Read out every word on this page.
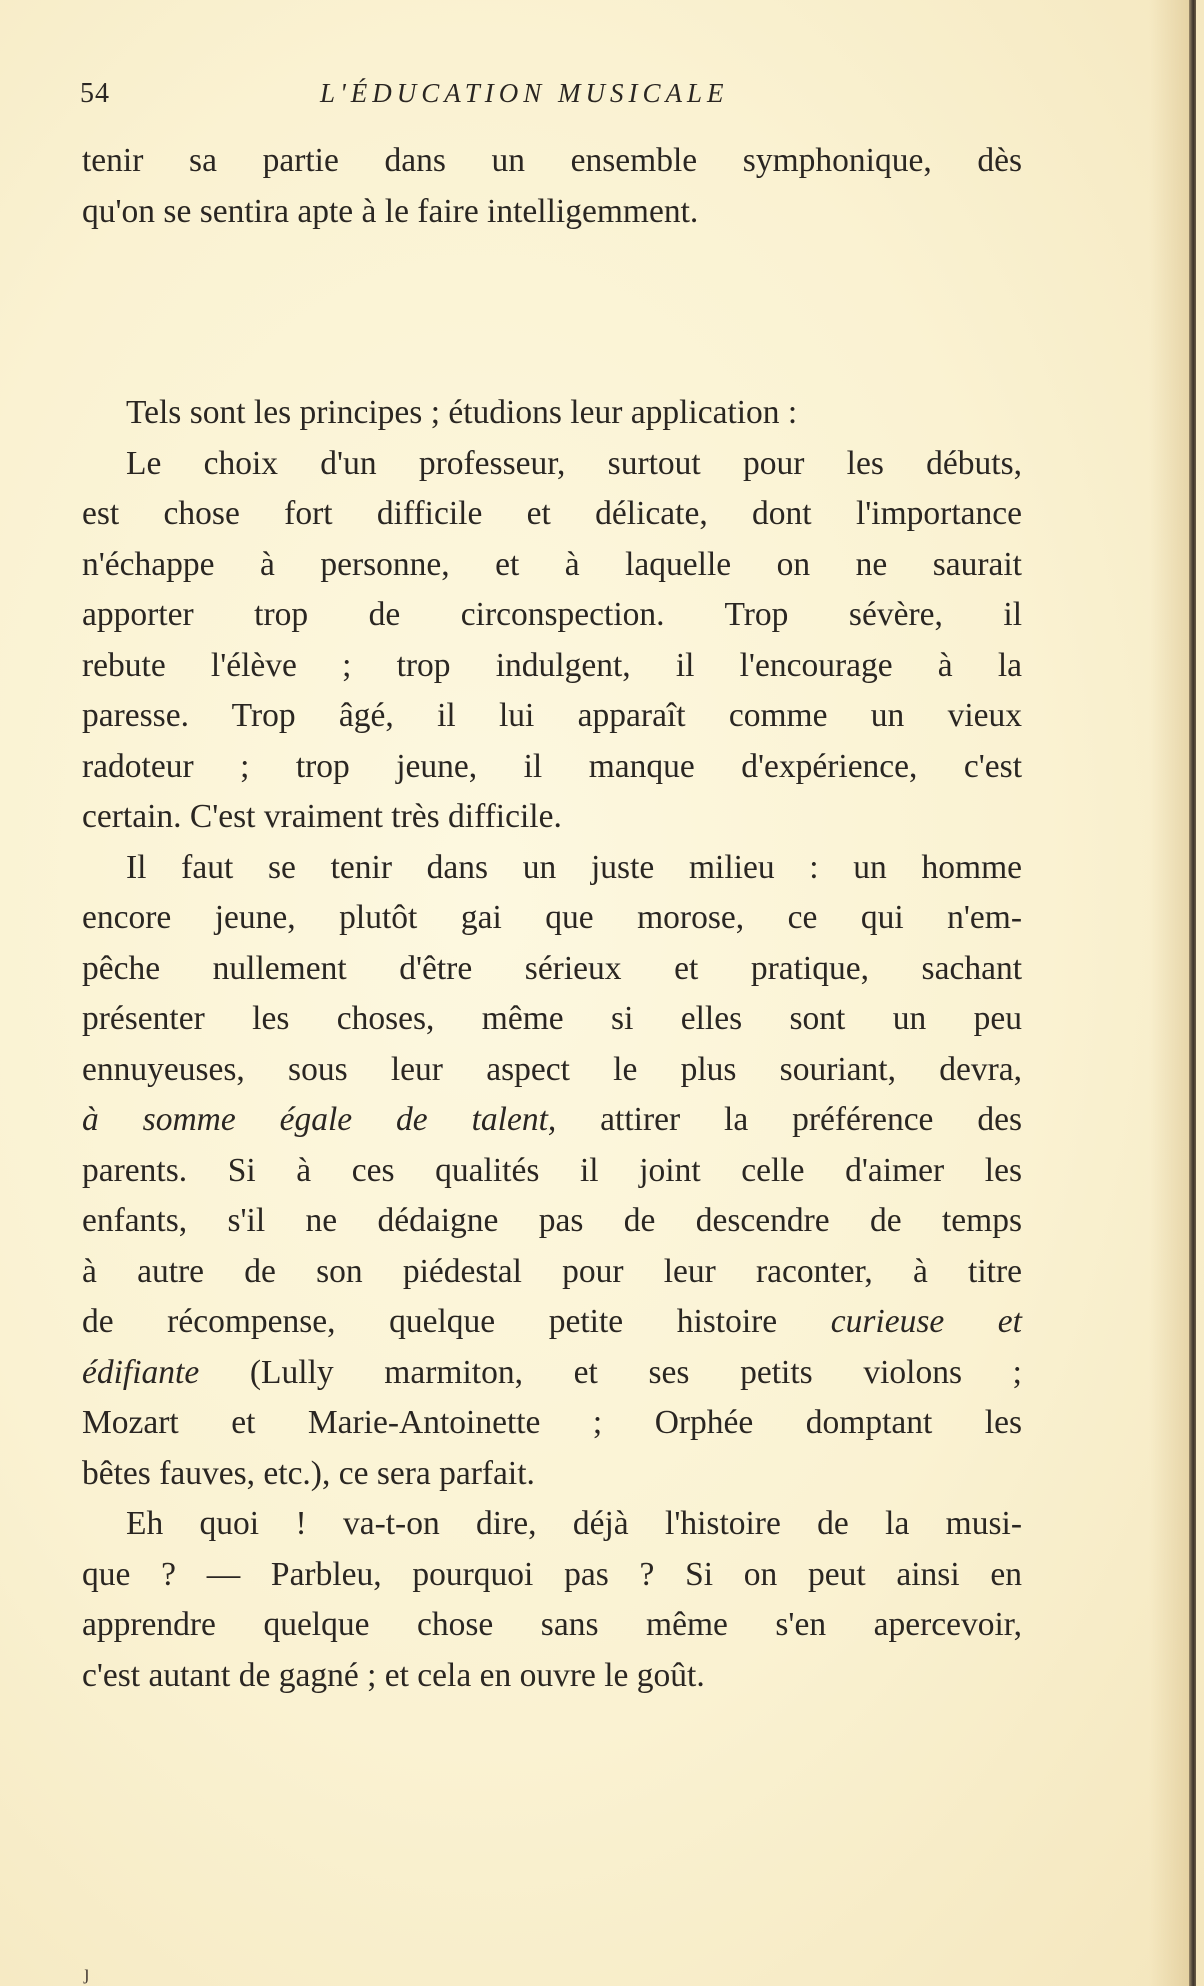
54	L'ÉDUCATION MUSICALE
tenir sa partie dans un ensemble symphonique, dès
qu'on se sentira apte à le faire intelligemment.
Tels sont les principes ; étudions leur application :
Le choix d'un professeur, surtout pour les débuts,
est chose fort difficile et délicate, dont l'importance
n'échappe à personne, et à laquelle on ne saurait
apporter trop de circonspection. Trop sévère, il
rebute l'élève ; trop indulgent, il l'encourage à la
paresse. Trop âgé, il lui apparaît comme un vieux
radoteur ; trop jeune, il manque d'expérience, c'est
certain. C'est vraiment très difficile.
Il faut se tenir dans un juste milieu : un homme
encore jeune, plutôt gai que morose, ce qui n'em-
pêche nullement d'être sérieux et pratique, sachant
présenter les choses, même si elles sont un peu
ennuyeuses, sous leur aspect le plus souriant, devra,
à somme égale de talent, attirer la préférence des
parents. Si à ces qualités il joint celle d'aimer les
enfants, s'il ne dédaigne pas de descendre de temps
à autre de son piédestal pour leur raconter, à titre
de récompense, quelque petite histoire curieuse et
édifiante (Lully marmiton, et ses petits violons ;
Mozart et Marie-Antoinette ; Orphée domptant les
bêtes fauves, etc.), ce sera parfait.
Eh quoi ! va-t-on dire, déjà l'histoire de la musi-
que ? — Parbleu, pourquoi pas ? Si on peut ainsi en
apprendre quelque chose sans même s'en apercevoir,
c'est autant de gagné ; et cela en ouvre le goût.
ȷ
